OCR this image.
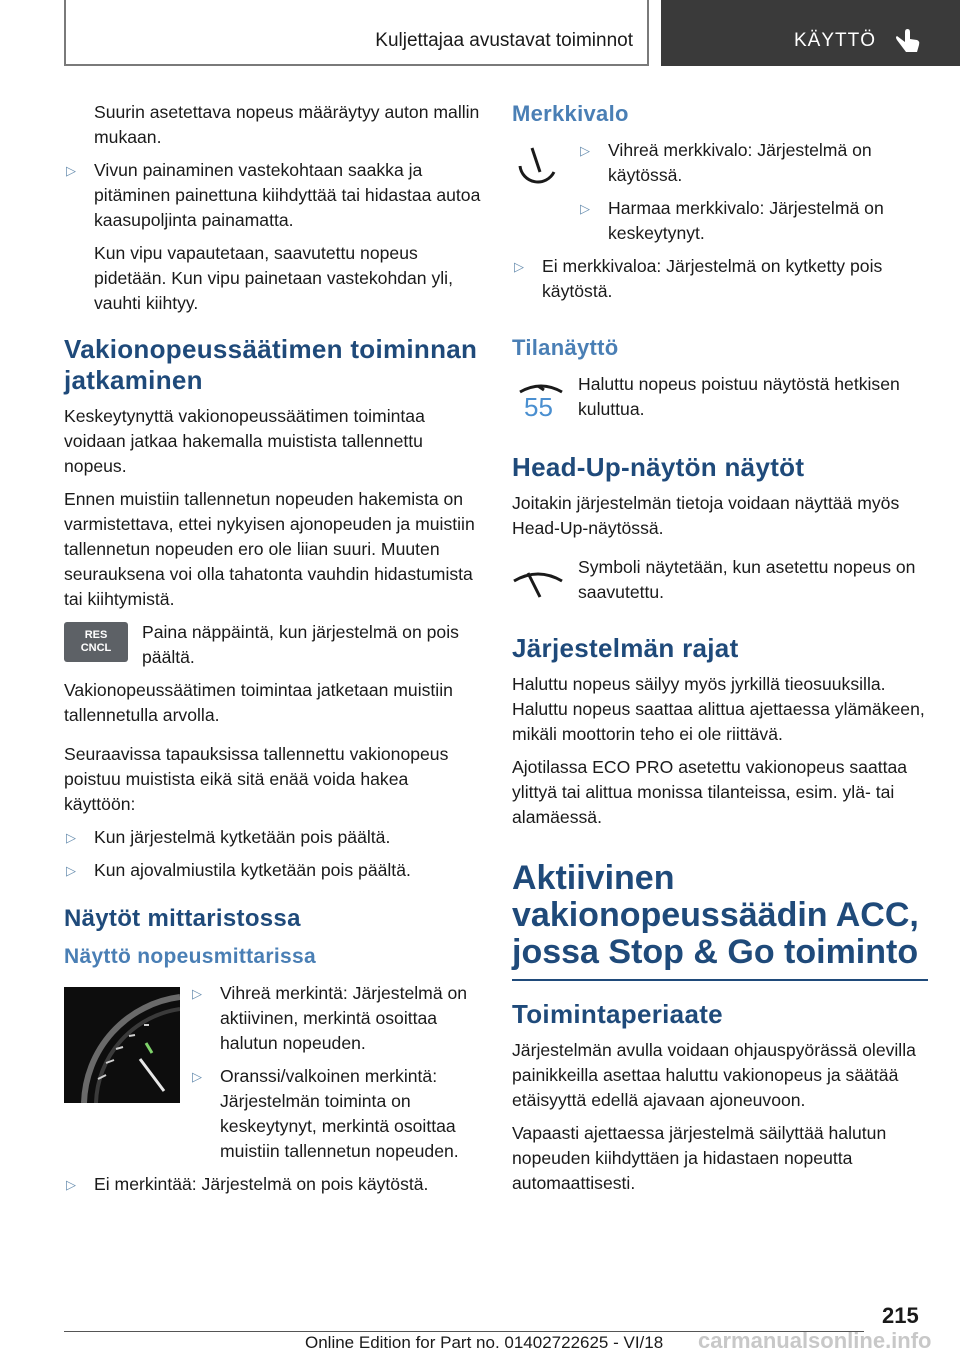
Kuljettajaa avustavat toiminnot	KÄYTTÖ

Suurin asetettava nopeus määräytyy auton mallin mukaan.

▷ Vivun painaminen vastekohtaan saakka ja pitäminen painettuna kiihdyttää tai hidastaa autoa kaasupoljinta painamatta.

Kun vipu vapautetaan, saavutettu nopeus pidetään. Kun vipu painetaan vastekohdan yli, vauhti kiihtyy.

Vakionopeussäätimen toiminnan jatkaminen

Keskeytynyttä vakionopeussäätimen toimintaa voidaan jatkaa hakemalla muistista tallennettu nopeus.

Ennen muistiin tallennetun nopeuden hakemista on varmistettava, ettei nykyisen ajonopeuden ja muistiin tallennetun nopeuden ero ole liian suuri. Muuten seurauksena voi olla tahatonta vauhdin hidastumista tai kiihtymistä.

RES
CNCL

Paina näppäintä, kun järjestelmä on pois päältä.

Vakionopeussäätimen toimintaa jatketaan muistiin tallennetulla arvolla.

Seuraavissa tapauksissa tallennettu vakionopeus poistuu muistista eikä sitä enää voida hakea käyttöön:

▷ Kun järjestelmä kytketään pois päältä.
▷ Kun ajovalmiustila kytketään pois päältä.
Näytöt mittaristossa
Näyttö nopeusmittarissa
▷ Vihreä merkintä: Järjestelmä on aktiivinen, merkintä osoittaa halutun nopeuden.
▷ Oranssi/valkoinen merkintä: Järjestelmän toiminta on keskeytynyt, merkintä osoittaa muistiin tallennetun nopeuden.
▷ Ei merkintää: Järjestelmä on pois käytöstä.
Merkkivalo
▷ Vihreä merkkivalo: Järjestelmä on käytössä.
▷ Harmaa merkkivalo: Järjestelmä on keskeytynyt.
▷ Ei merkkivaloa: Järjestelmä on kytketty pois käytöstä.
Tilanäyttö
55

Haluttu nopeus poistuu näytöstä hetkisen kuluttua.

Head-Up-näytön näytöt

Joitakin järjestelmän tietoja voidaan näyttää myös Head-Up-näytössä.

Symboli näytetään, kun asetettu nopeus on saavutettu.

Järjestelmän rajat

Haluttu nopeus säilyy myös jyrkillä tieosuuksilla. Haluttu nopeus saattaa alittua ajettaessa ylämäkeen, mikäli moottorin teho ei ole riittävä.

Ajotilassa ECO PRO asetettu vakionopeus saattaa ylittyä tai alittua monissa tilanteissa, esim. ylä- tai alamäessä.

Aktiivinen vakionopeussäädin ACC, jossa Stop & Go toiminto
Toimintaperiaate

Järjestelmän avulla voidaan ohjauspyörässä olevilla painikkeilla asettaa haluttu vakionopeus ja säätää etäisyyttä edellä ajavaan ajoneuvoon.

Vapaasti ajettaessa järjestelmä säilyttää halutun nopeuden kiihdyttäen ja hidastaen nopeutta automaattisesti.

215
Online Edition for Part no. 01402722625 - VI/18 carmanualsonline.info
